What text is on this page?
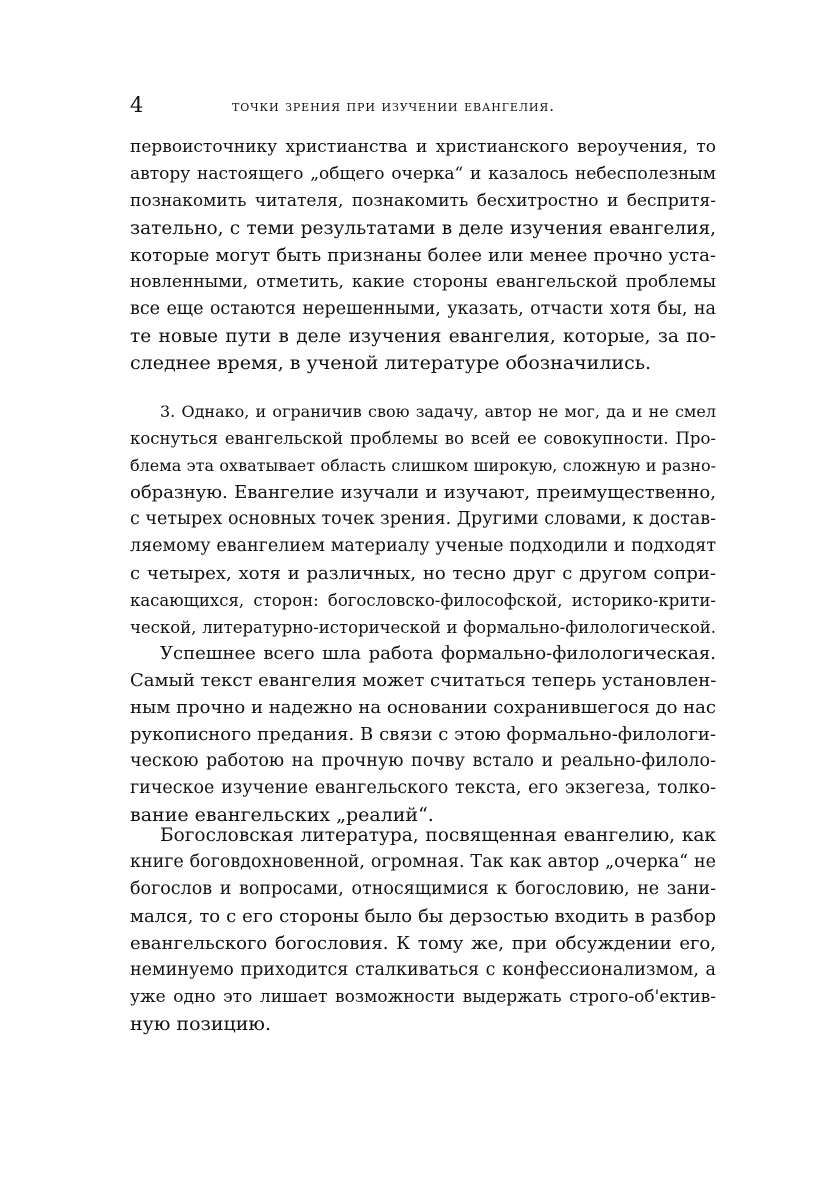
4	точки зрения при изучении евангелия.
первоисточнику христианства и христианского вероучения, то
автору настоящего „общего очерка“ и казалось небесполезным
познакомить читателя, познакомить бесхитростно и беспритя-
зательно, с теми результатами в деле изучения евангелия,
которые могут быть признаны более или менее прочно уста-
новленными, отметить, какие стороны евангельской проблемы
все еще остаются нерешенными, указать, отчасти хотя бы, на
те новые пути в деле изучения евангелия, которые, за по-
следнее время, в ученой литературе обозначились.
3. Однако, и ограничив свою задачу, автор не мог, да и не смел
коснуться евангельской проблемы во всей ее совокупности. Про-
блема эта охватывает область слишком широкую, сложную и разно-
образную. Евангелие изучали и изучают, преимущественно,
с четырех основных точек зрения. Другими словами, к достав-
ляемому евангелием материалу ученые подходили и подходят
с четырех, хотя и различных, но тесно друг с другом сопри-
касающихся, сторон: богословско-философской, историко-крити-
ческой, литературно-исторической и формально-филологической.
Успешнее всего шла работа формально-филологическая.
Самый текст евангелия может считаться теперь установлен-
ным прочно и надежно на основании сохранившегося до нас
рукописного предания. В связи с этою формально-филологи-
ческою работою на прочную почву встало и реально-филоло-
гическое изучение евангельского текста, его экзегеза, толко-
вание евангельских „реалий“.
Богословская литература, посвященная евангелию, как
книге боговдохновенной, огромная. Так как автор „очерка“ не
богослов и вопросами, относящимися к богословию, не зани-
мался, то с его стороны было бы дерзостью входить в разбор
евангельского богословия. К тому же, при обсуждении его,
неминуемо приходится сталкиваться с конфессионализмом, а
уже одно это лишает возможности выдержать строго-об'ектив-
ную позицию.
